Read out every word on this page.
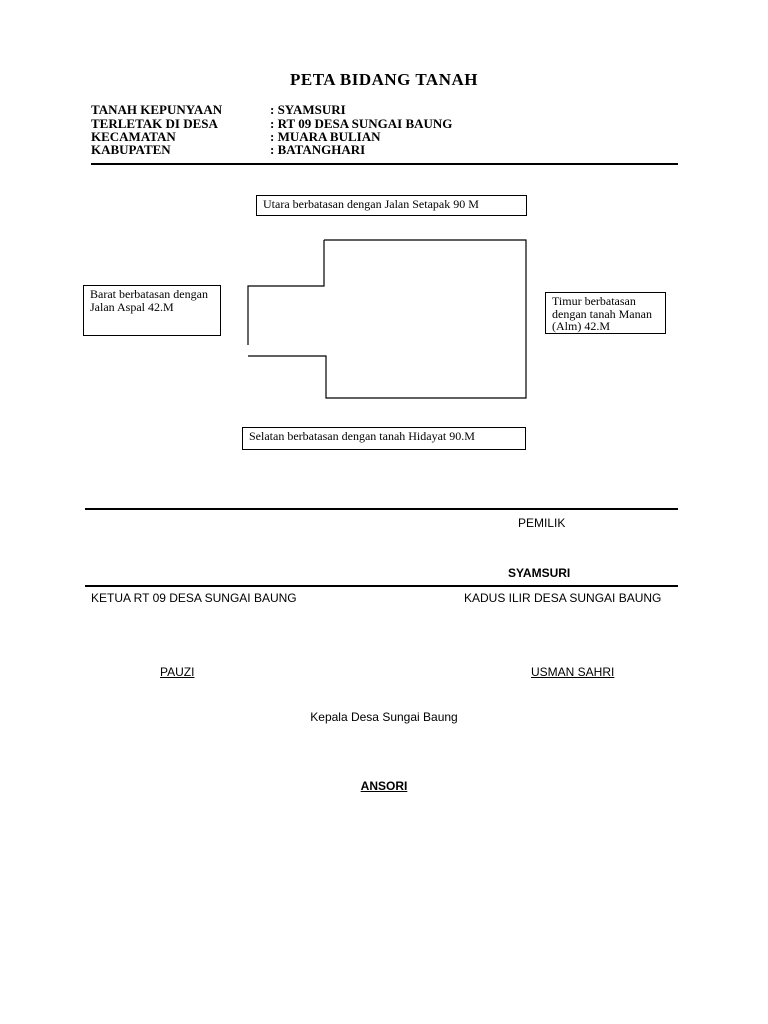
PETA BIDANG TANAH
TANAH KEPUNYAAN	: SYAMSURI
TERLETAK DI DESA	: RT 09 DESA SUNGAI BAUNG
KECAMATAN	: MUARA BULIAN
KABUPATEN	: BATANGHARI
Utara berbatasan dengan Jalan Setapak 90 M
Barat berbatasan dengan Jalan Aspal 42.M	Timur berbatasan dengan tanah Manan (Alm) 42.M
Selatan berbatasan dengan tanah Hidayat 90.M
PEMILIK
SYAMSURI
KETUA RT 09 DESA SUNGAI BAUNG	KADUS ILIR DESA SUNGAI BAUNG
PAUZI	USMAN SAHRI
Kepala Desa Sungai Baung
ANSORI
